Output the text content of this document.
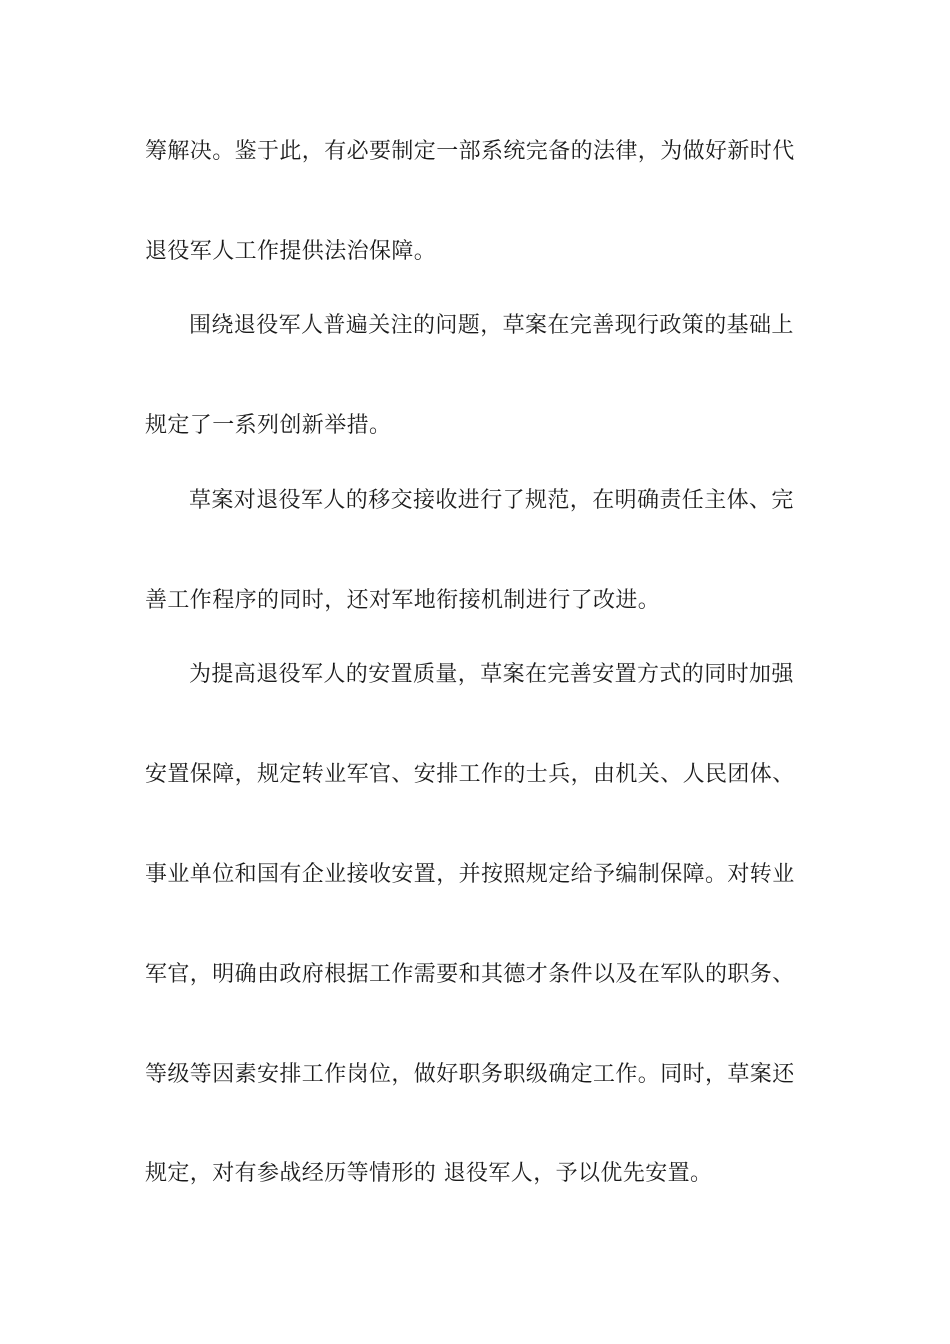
筹解决。鉴于此，有必要制定一部系统完备的法律，为做好新时代
退役军人工作提供法治保障。
围绕退役军人普遍关注的问题，草案在完善现行政策的基础上
规定了一系列创新举措。
草案对退役军人的移交接收进行了规范，在明确责任主体、完
善工作程序的同时，还对军地衔接机制进行了改进。
为提高退役军人的安置质量，草案在完善安置方式的同时加强
安置保障，规定转业军官、安排工作的士兵，由机关、人民团体、
事业单位和国有企业接收安置，并按照规定给予编制保障。对转业
军官，明确由政府根据工作需要和其德才条件以及在军队的职务、
等级等因素安排工作岗位，做好职务职级确定工作。同时，草案还
规定，对有参战经历等情形的 退役军人，予以优先安置。
